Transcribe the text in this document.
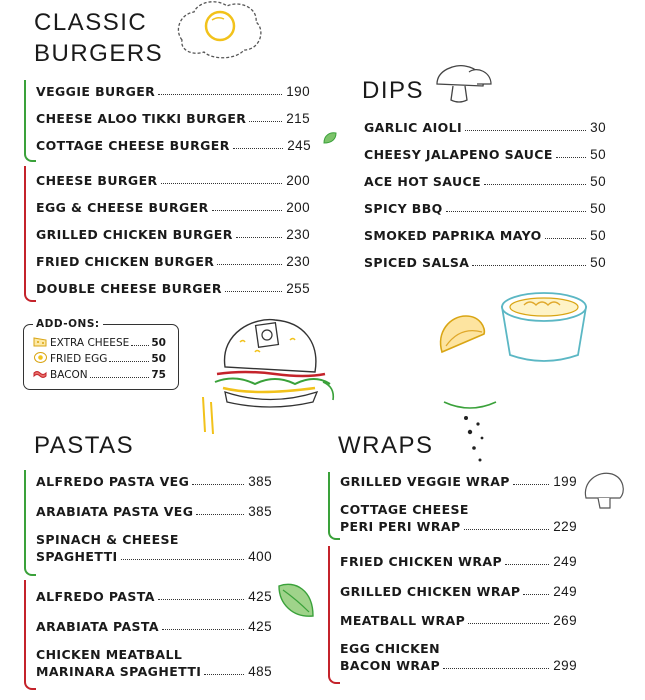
CLASSIC
BURGERS
VEGGIE BURGER	190
CHEESE ALOO TIKKI BURGER	215
COTTAGE CHEESE BURGER	245
CHEESE BURGER	200
EGG & CHEESE BURGER	200
GRILLED CHICKEN BURGER	230
FRIED CHICKEN BURGER	230
DOUBLE CHEESE BURGER	255
ADD-ONS:
EXTRA CHEESE 50
FRIED EGG	50
BACON	75
DIPS
GARLIC AIOLI	30
CHEESY JALAPENO SAUCE	50
ACE HOT SAUCE	50
SPICY BBQ	50
SMOKED PAPRIKA MAYO	50
SPICED SALSA	50
PASTAS
ALFREDO PASTA VEG	385
ARABIATA PASTA VEG	385
SPINACH & CHEESE
SPAGHETTI	400
ALFREDO PASTA	425
ARABIATA PASTA	425
CHICKEN MEATBALL
MARINARA SPAGHETTI	485
WRAPS
GRILLED VEGGIE WRAP	199
COTTAGE CHEESE
PERI PERI WRAP	229
FRIED CHICKEN WRAP	249
GRILLED CHICKEN WRAP 249
MEATBALL WRAP	269
EGG CHICKEN
BACON WRAP	299
